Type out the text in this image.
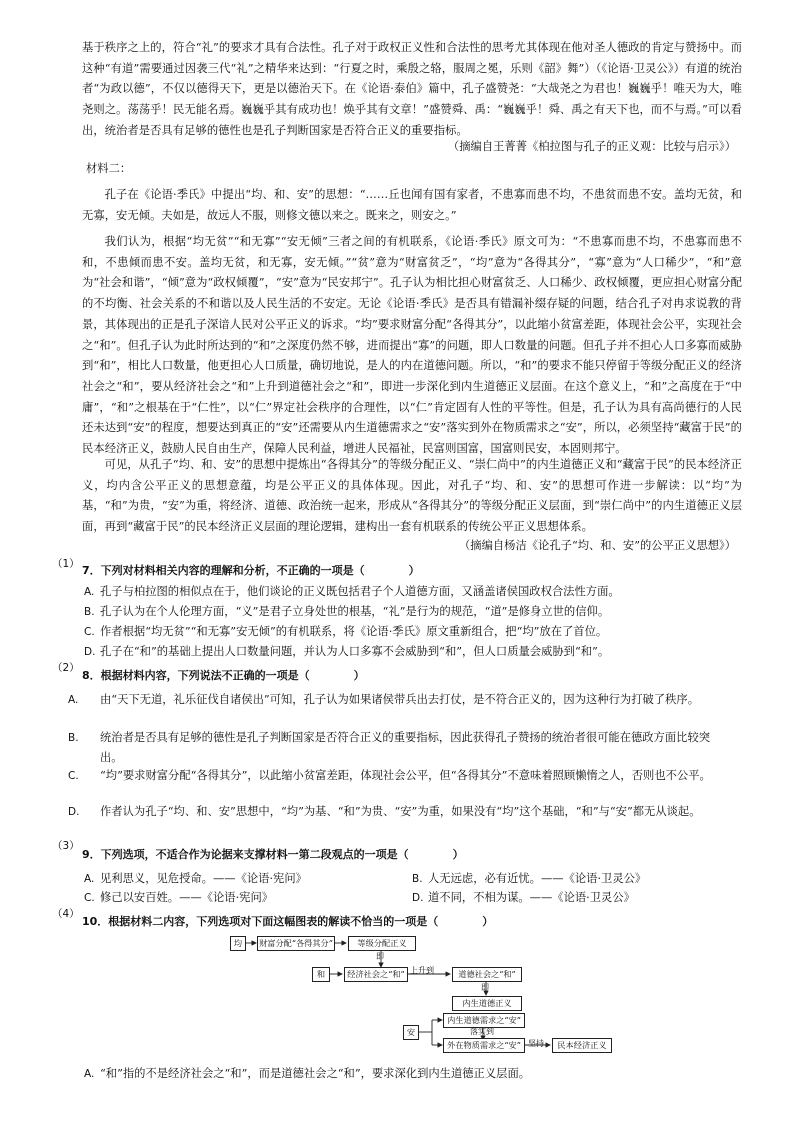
基于秩序之上的，符合“礼”的要求才具有合法性。孔子对于政权正义性和合法性的思考尤其体现在他对圣人德政的肯定与赞扬中。而这种“有道”需要通过因袭三代“礼”之精华来达到：“行夏之时，乘殷之辂，服周之冕，乐则《韶》舞”）（《论语·卫灵公》）有道的统治者“为政以德”，不仅以德得天下，更是以德治天下。在《论语·泰伯》篇中，孔子盛赞尧：“大哉尧之为君也！巍巍乎！唯天为大，唯尧则之。荡荡乎！民无能名焉。巍巍乎其有成功也！焕乎其有文章！”盛赞舜、禹：“巍巍乎！舜、禹之有天下也，而不与焉。”可以看出，统治者是否具有足够的德性也是孔子判断国家是否符合正义的重要指标。

（摘编自王菁菁《柏拉图与孔子的正义观：比较与启示》）
材料二：

孔子在《论语·季氏》中提出“均、和、安”的思想：“……丘也闻有国有家者，不患寡而患不均，不患贫而患不安。盖均无贫，和无寡，安无倾。夫如是，故远人不服，则修文德以来之。既来之，则安之。”

我们认为，根据“均无贫”“和无寡”“安无倾”三者之间的有机联系，《论语·季氏》原文可为：“不患寡而患不均，不患寡而患不和，不患倾而患不安。盖均无贫，和无寡，安无倾。”“贫”意为“财富贫乏”，“均”意为“各得其分”，“寡”意为“人口稀少”，“和”意为“社会和谐”，“倾”意为“政权倾覆”，“安”意为“民安邦宁”。孔子认为相比担心财富贫乏、人口稀少、政权倾覆，更应担心财富分配的不均衡、社会关系的不和谐以及人民生活的不安定。无论《论语·季氏》是否具有错漏补缀存疑的问题，结合孔子对冉求说教的背景，其体现出的正是孔子深谙人民对公平正义的诉求。“均”要求财富分配“各得其分”，以此缩小贫富差距，体现社会公平，实现社会之“和”。但孔子认为此时所达到的“和”之深度仍然不够，进而提出“寡”的问题，即人口数量的问题。但孔子并不担心人口多寡而威胁到“和”，相比人口数量，他更担心人口质量，确切地说，是人的内在道德问题。所以，“和”的要求不能只停留于等级分配正义的经济社会之“和”，要从经济社会之“和”上升到道德社会之“和”，即进一步深化到内生道德正义层面。在这个意义上，“和”之高度在于“中庸”，“和”之根基在于“仁性”，以“仁”界定社会秩序的合理性，以“仁”肯定固有人性的平等性。但是，孔子认为具有高尚德行的人民还未达到“安”的程度，想要达到真正的“安”还需要从内生道德需求之“安”落实到外在物质需求之“安”，所以，必须坚持“藏富于民”的民本经济正义，鼓励人民自由生产，保障人民利益，增进人民福祉，民富则国富，国富则民安，本固则邦宁。

可见，从孔子“均、和、安”的思想中提炼出“各得其分”的等级分配正义、“崇仁尚中”的内生道德正义和“藏富于民”的民本经济正义，均内含公平正义的思想意蕴，均是公平正义的具体体现。因此，对孔子“均、和、安”的思想可作进一步解读：以“均”为基，“和”为贵，“安”为重，将经济、道德、政治统一起来，形成从“各得其分”的等级分配正义层面，到“崇仁尚中”的内生道德正义层面，再到“藏富于民”的民本经济正义层面的理论逻辑，建构出一套有机联系的传统公平正义思想体系。

（摘编自杨洁《论孔子“均、和、安”的公平正义思想》）
（1） 7．下列对材料相关内容的理解和分析，不正确的一项是（　　　　）
A. 孔子与柏拉图的相似点在于，他们谈论的正义既包括君子个人道德方面，又涵盖诸侯国政权合法性方面。
B. 孔子认为在个人伦理方面，“义”是君子立身处世的根基，“礼”是行为的规范，“道”是修身立世的信仰。
C. 作者根据“均无贫”“和无寡”安无倾”的有机联系，将《论语·季氏》原文重新组合，把“均”放在了首位。
D. 孔子在“和”的基础上提出人口数量问题，并认为人口多寡不会威胁到“和”，但人口质量会威胁到“和”。
（2）
8．根据材料内容，下列说法不正确的一项是（　　　　）
A. 由“天下无道，礼乐征伐自诸侯出”可知，孔子认为如果诸侯带兵出去打仗，是不符合正义的，因为这种行为打破了秩序。
B. 统治者是否具有足够的德性是孔子判断国家是否符合正义的重要指标，因此获得孔子赞扬的统治者很可能在德政方面比较突出。
C. “均”要求财富分配“各得其分”，以此缩小贫富差距，体现社会公平，但“各得其分”不意味着照顾懒惰之人，否则也不公平。
D. 作者认为孔子“均、和、安”思想中，“均”为基、“和”为贵、“安”为重，如果没有“均”这个基础，“和”与“安”都无从谈起。
（3）
9．下列选项，不适合作为论据来支撑材料一第二段观点的一项是（　　　　）
A. 见利思义，见危授命。——《论语·宪问》	B. 人无远虑，必有近忧。——《论语·卫灵公》
C. 修己以安百姓。——《论语·宪问》	D. 道不同，不相为谋。——《论语·卫灵公》
（4）
10．根据材料二内容，下列选项对下面这幅图表的解读不恰当的一项是（　　　　）
均	财富分配“各得其分”	等级分配正义
即
和	经济社会之“和” 上升到	道德社会之“和”
即
内生道德正义
安
内生道德需求之“安”
落实到
外在物质需求之“安” 坚持	民本经济正义
A. “和”指的不是经济社会之“和”，而是道德社会之“和”，要求深化到内生道德正义层面。
